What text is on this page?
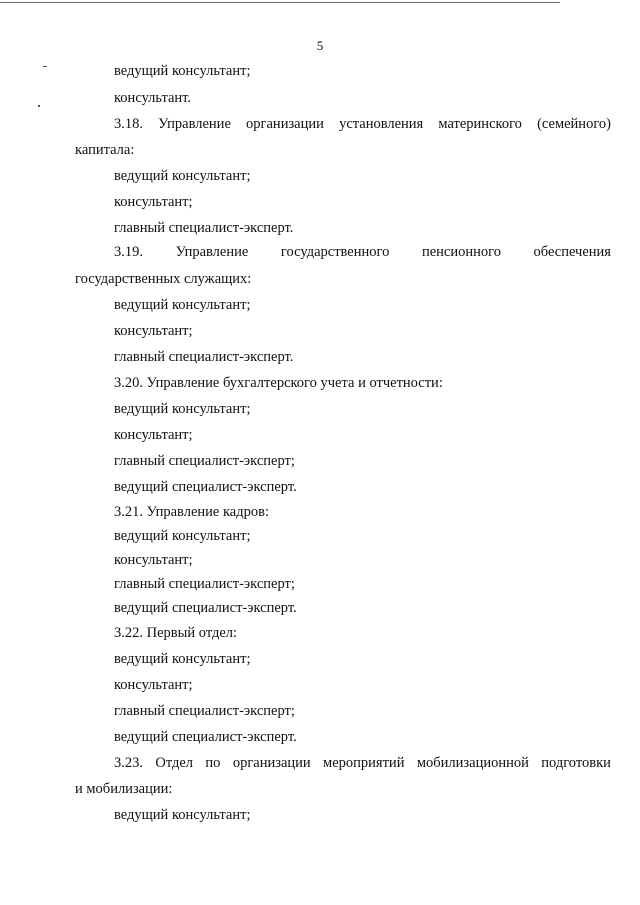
5
ведущий консультант;
консультант.
3.18. Управление организации установления материнского (семейного)
капитала:
ведущий консультант;
консультант;
главный специалист-эксперт.
3.19. Управление государственного пенсионного обеспечения
государственных служащих:
ведущий консультант;
консультант;
главный специалист-эксперт.
3.20. Управление бухгалтерского учета и отчетности:
ведущий консультант;
консультант;
главный специалист-эксперт;
ведущий специалист-эксперт.
3.21. Управление кадров:
ведущий консультант;
консультант;
главный специалист-эксперт;
ведущий специалист-эксперт.
3.22. Первый отдел:
ведущий консультант;
консультант;
главный специалист-эксперт;
ведущий специалист-эксперт.
3.23. Отдел по организации мероприятий мобилизационной подготовки
и мобилизации:
ведущий консультант;
